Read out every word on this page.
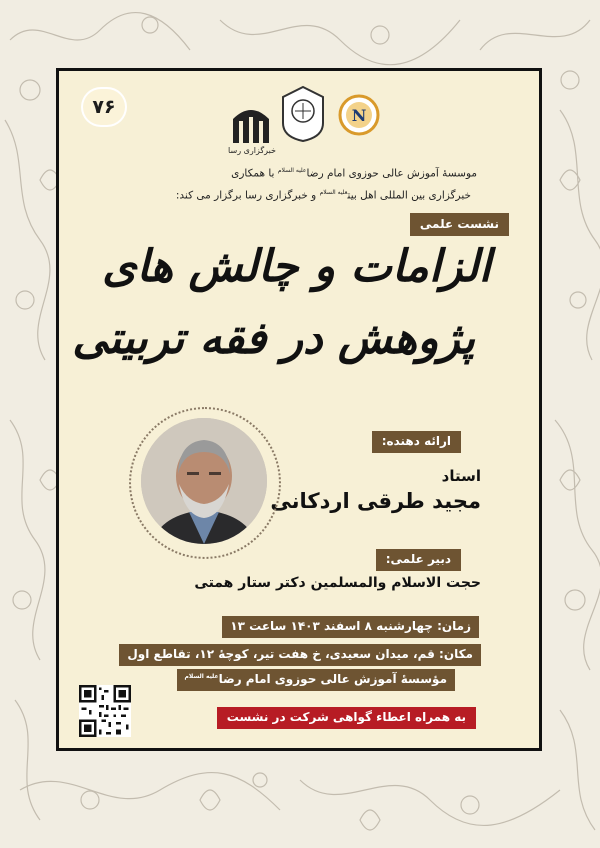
۷۶	N
خبرگزاری رسا
موسسهٔ آموزش عالی حوزوی امام رضا$^{علیه السلام}$ با همکاری
خبرگزاری بین المللی اهل بیت$^{علیه السلام}$ و خبرگزاری رسا برگزار می کند:
نشست علمی
الزامات و چالش های
پژوهش در فقه تربیتی
ارائه دهنده:
استاد
مجید طرقی اردکانی
دبیر علمی:
حجت الاسلام والمسلمین دکتر ستار همتی
زمان: چهارشنبه ۸ اسفند ۱۴۰۳ ساعت ۱۳
مکان: قم، میدان سعیدی، خ هفت تیر، کوچهٔ ۱۲، تقاطع اول
مؤسسهٔ آموزش عالی حوزوی امام رضا$^{علیه السلام}$
به همراه اعطاء گواهی شرکت در نشست
